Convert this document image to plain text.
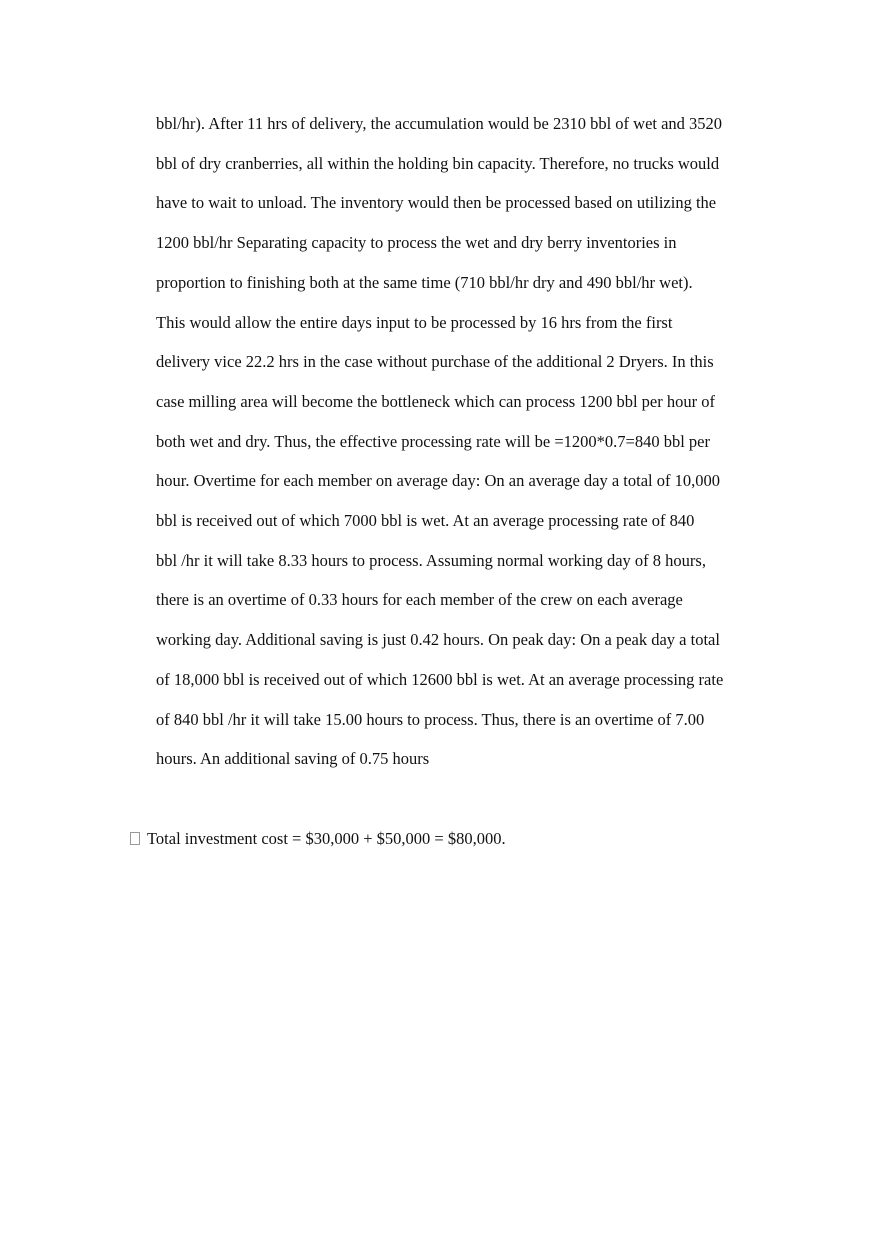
bbl/hr). After 11 hrs of delivery, the accumulation would be 2310 bbl of wet and 3520
bbl of dry cranberries, all within the holding bin capacity. Therefore, no trucks would
have to wait to unload. The inventory would then be processed based on utilizing the
1200 bbl/hr Separating capacity to process the wet and dry berry inventories in
proportion to finishing both at the same time (710 bbl/hr dry and 490 bbl/hr wet).
This would allow the entire days input to be processed by 16 hrs from the first
delivery vice 22.2 hrs in the case without purchase of the additional 2 Dryers. In this
case milling area will become the bottleneck which can process 1200 bbl per hour of
both wet and dry. Thus, the effective processing rate will be =1200*0.7=840 bbl per
hour. Overtime for each member on average day: On an average day a total of 10,000
bbl is received out of which 7000 bbl is wet. At an average processing rate of 840
bbl /hr it will take 8.33 hours to process. Assuming normal working day of 8 hours,
there is an overtime of 0.33 hours for each member of the crew on each average
working day. Additional saving is just 0.42 hours. On peak day: On a peak day a total
of 18,000 bbl is received out of which 12600 bbl is wet. At an average processing rate
of 840 bbl /hr it will take 15.00 hours to process. Thus, there is an overtime of 7.00
hours. An additional saving of 0.75 hours

Total investment cost = $30,000 + $50,000 = $80,000.
